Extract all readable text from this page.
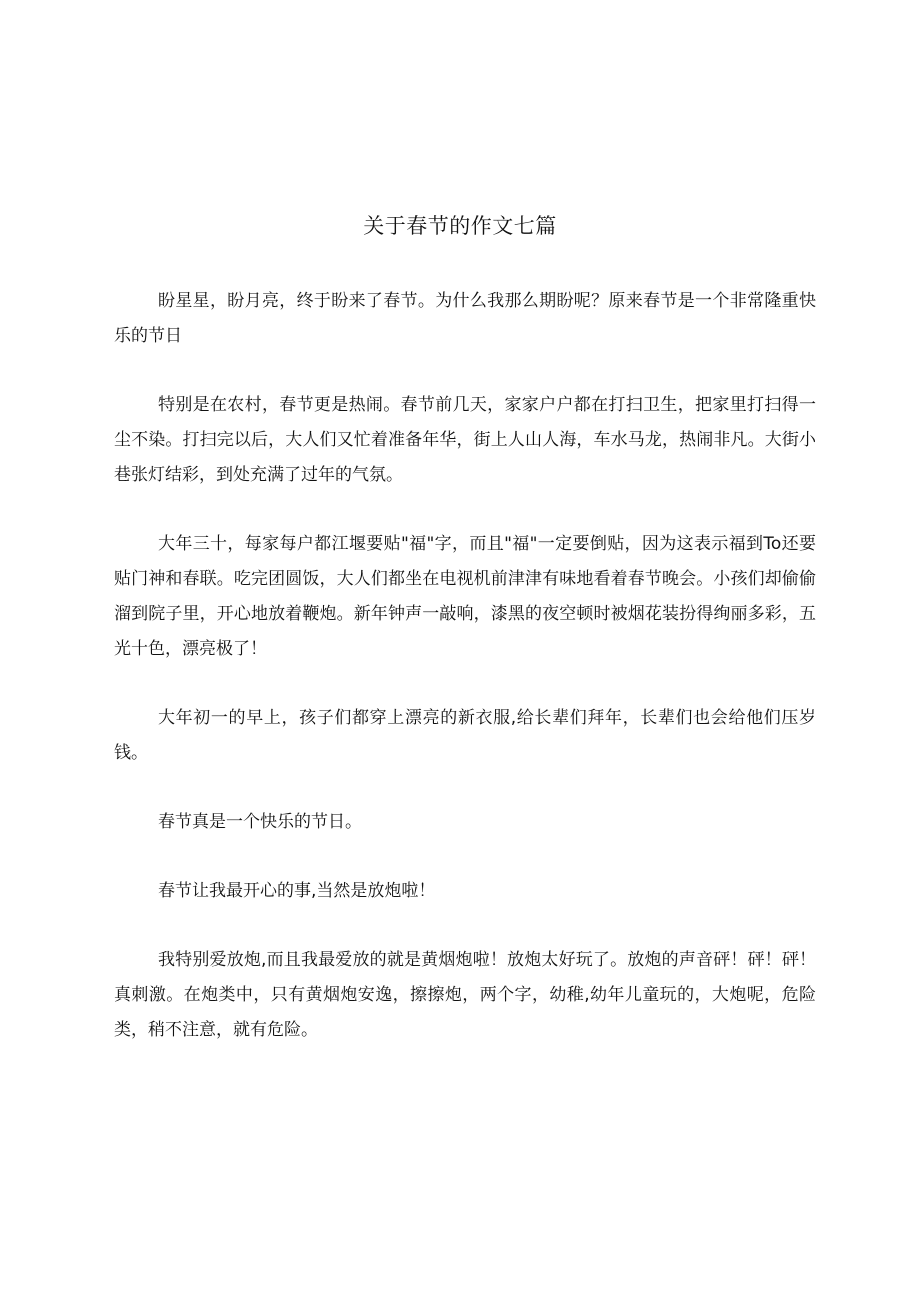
关于春节的作文七篇

盼星星，盼月亮，终于盼来了春节。为什么我那么期盼呢？原来春节是一个非常隆重快乐的节日

特别是在农村，春节更是热闹。春节前几天，家家户户都在打扫卫生，把家里打扫得一尘不染。打扫完以后，大人们又忙着准备年华，街上人山人海，车水马龙，热闹非凡。大街小巷张灯结彩，到处充满了过年的气氛。

大年三十，每家每户都江堰要贴"福"字，而且"福"一定要倒贴，因为这表示福到To还要贴门神和春联。吃完团圆饭，大人们都坐在电视机前津津有味地看着春节晚会。小孩们却偷偷溜到院子里，开心地放着鞭炮。新年钟声一敲响，漆黑的夜空顿时被烟花装扮得绚丽多彩，五光十色，漂亮极了！

大年初一的早上，孩子们都穿上漂亮的新衣服,给长辈们拜年，长辈们也会给他们压岁钱。

春节真是一个快乐的节日。

春节让我最开心的事,当然是放炮啦！

我特别爱放炮,而且我最爱放的就是黄烟炮啦！放炮太好玩了。放炮的声音砰！砰！砰！真刺激。在炮类中，只有黄烟炮安逸，擦擦炮，两个字，幼稚,幼年儿童玩的，大炮呢，危险类，稍不注意，就有危险。
